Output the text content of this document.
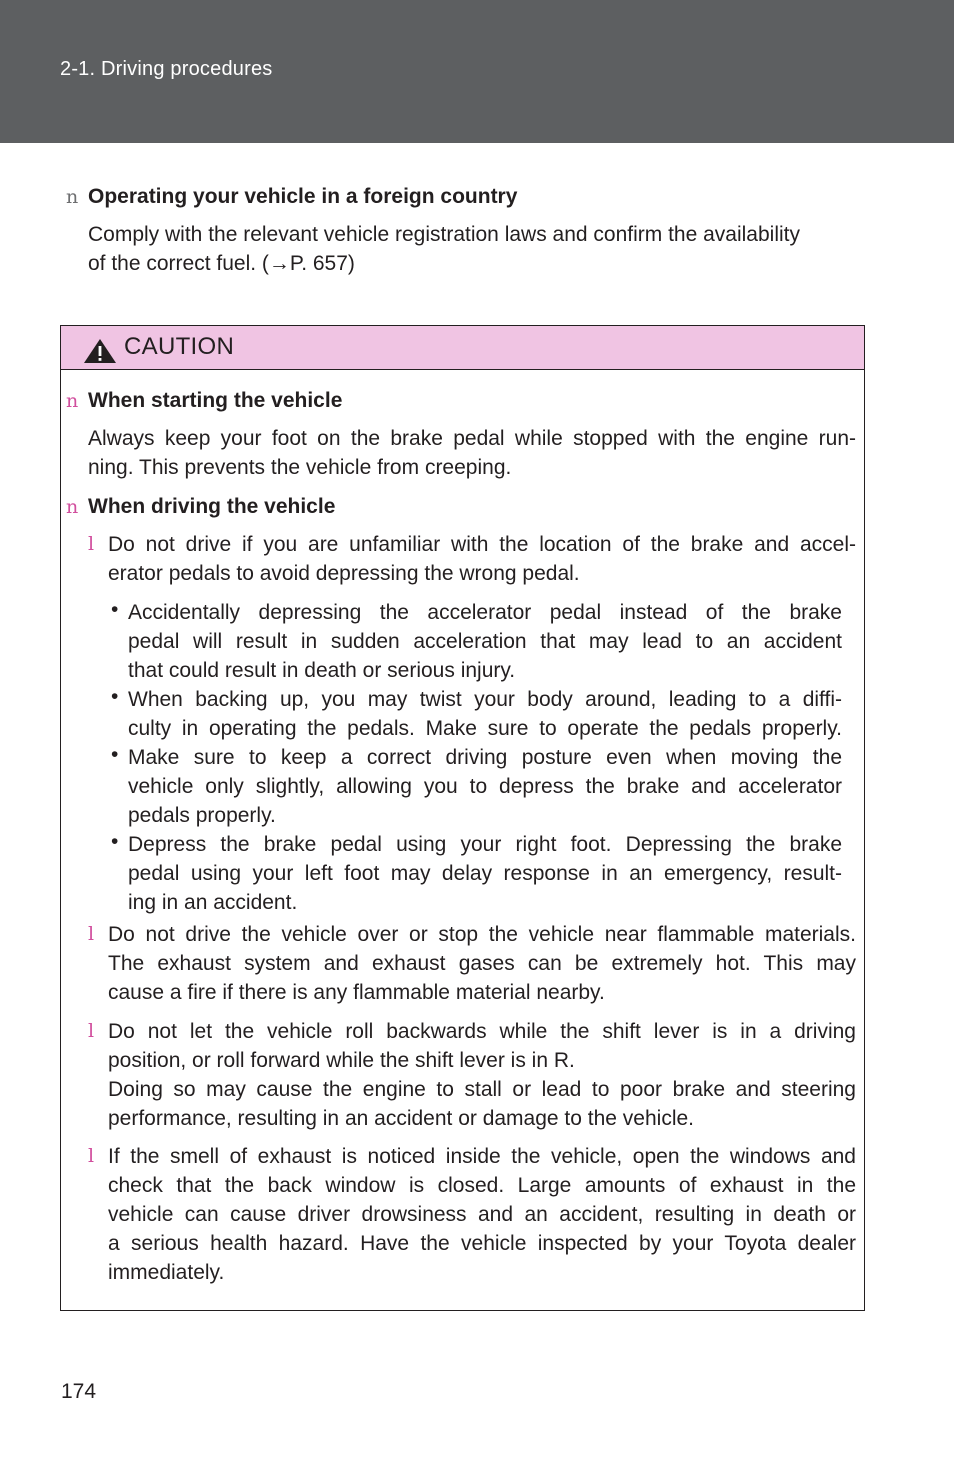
2-1. Driving procedures
n Operating your vehicle in a foreign country
Comply with the relevant vehicle registration laws and confirm the availability
of the correct fuel. (→P. 657)
CAUTION
n When starting the vehicle
Always keep your foot on the brake pedal while stopped with the engine run-
ning. This prevents the vehicle from creeping.
n When driving the vehicle
l Do not drive if you are unfamiliar with the location of the brake and accel-
erator pedals to avoid depressing the wrong pedal.
• Accidentally depressing the accelerator pedal instead of the brake
pedal will result in sudden acceleration that may lead to an accident
that could result in death or serious injury.
• When backing up, you may twist your body around, leading to a diffi-
culty in operating the pedals. Make sure to operate the pedals properly.
• Make sure to keep a correct driving posture even when moving the
vehicle only slightly, allowing you to depress the brake and accelerator
pedals properly.
• Depress the brake pedal using your right foot. Depressing the brake
pedal using your left foot may delay response in an emergency, result-
ing in an accident.
l Do not drive the vehicle over or stop the vehicle near flammable materials.
The exhaust system and exhaust gases can be extremely hot. This may
cause a fire if there is any flammable material nearby.
l Do not let the vehicle roll backwards while the shift lever is in a driving
position, or roll forward while the shift lever is in R.
Doing so may cause the engine to stall or lead to poor brake and steering
performance, resulting in an accident or damage to the vehicle.
l If the smell of exhaust is noticed inside the vehicle, open the windows and
check that the back window is closed. Large amounts of exhaust in the
vehicle can cause driver drowsiness and an accident, resulting in death or
a serious health hazard. Have the vehicle inspected by your Toyota dealer
immediately.
174
